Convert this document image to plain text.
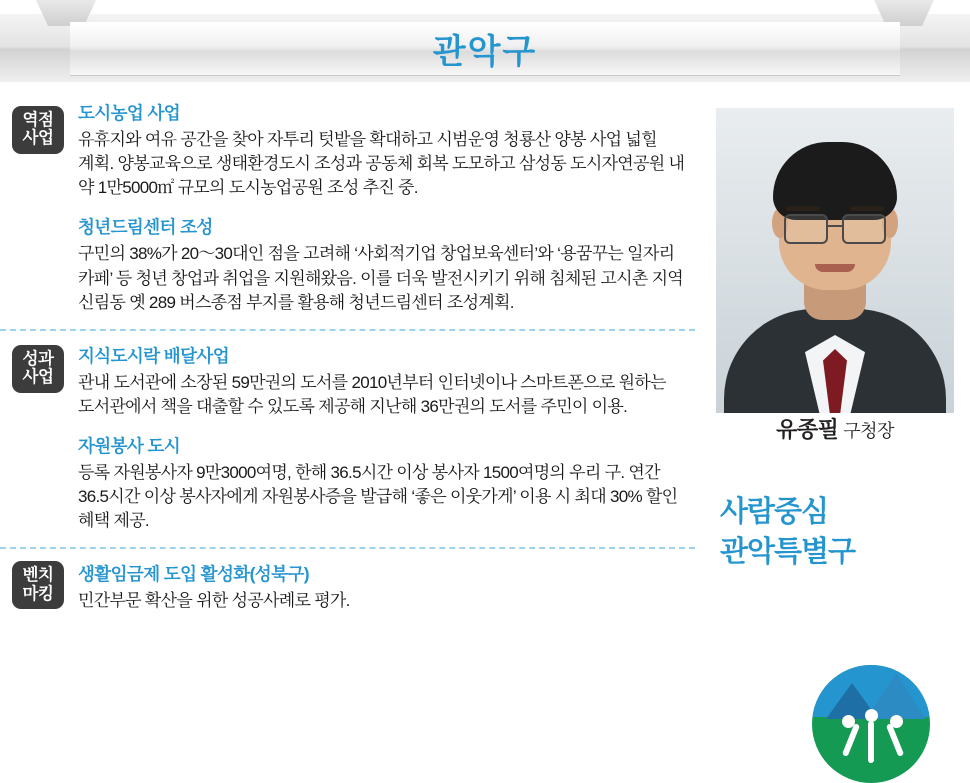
관악구
역점
사업

도시농업 사업

유휴지와 여유 공간을 찾아 자투리 텃밭을 확대하고 시범운영 청룡산 양봉 사업 넓힐 계획. 양봉교육으로 생태환경도시 조성과 공동체 회복 도모하고 삼성동 도시자연공원 내 약 1만5000㎡ 규모의 도시농업공원 조성 추진 중.

청년드림센터 조성

구민의 38%가 20〜30대인 점을 고려해 ‘사회적기업 창업보육센터’와 ‘용꿈꾸는 일자리 카페’ 등 청년 창업과 취업을 지원해왔음. 이를 더욱 발전시키기 위해 침체된 고시촌 지역 신림동 옛 289 버스종점 부지를 활용해 청년드림센터 조성계획.

성과
사업

지식도시락 배달사업

관내 도서관에 소장된 59만권의 도서를 2010년부터 인터넷이나 스마트폰으로 원하는 도서관에서 책을 대출할 수 있도록 제공해 지난해 36만권의 도서를 주민이 이용.

자원봉사 도시

등록 자원봉사자 9만3000여명, 한해 36.5시간 이상 봉사자 1500여명의 우리 구. 연간 36.5시간 이상 봉사자에게 자원봉사증을 발급해 ‘좋은 이웃가게’ 이용 시 최대 30% 할인 혜택 제공.

벤치
마킹

생활임금제 도입 활성화(성북구)

민간부문 확산을 위한 성공사례로 평가.

유종필 구청장
사람중심
관악특별구
